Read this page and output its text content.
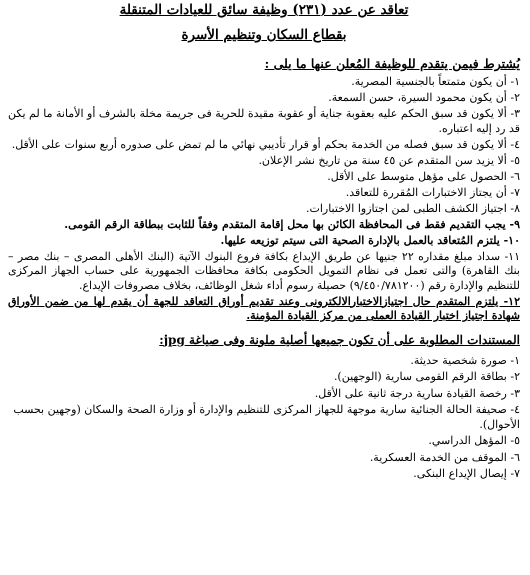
تعاقد عن عدد (٢٣١) وظيفة سائق للعيادات المتنقلة

بقطاع السكان وتنظيم الأسرة

يُشترط فيمن يتقدم للوظيفة المُعلن عنها ما يلى :

١- أن يكون متمتعاً بالجنسية المصرية.

٢- أن يكون محمود السيرة، حسن السمعة.

٣- ألا يكون قد سبق الحكم عليه بعقوبة جناية أو عقوبة مقيدة للحرية فى جريمة مخلة بالشرف أو الأمانة ما لم يكن قد رد إليه اعتباره.

٤- ألا يكون قد سبق فصله من الخدمة بحكم أو قرار تأديبي نهائي ما لم تمض على صدوره أربع سنوات على الأقل.

٥- ألا يزيد سن المتقدم عن ٤٥ سنة من تاريخ نشر الإعلان.

٦- الحصول على مؤهل متوسط على الأقل.

٧- أن يجتاز الاختبارات المُقررة للتعاقد.

٨- اجتياز الكشف الطبى لمن اجتازوا الاختبارات.

٩- يجب التقديم فقط فى المحافظة الكائن بها محل إقامة المتقدم وفقاً للثابت ببطاقة الرقم القومى.

١٠- يلتزم المُتعاقد بالعمل بالإدارة الصحية التى سيتم توزيعه عليها.

١١- سداد مبلغ مقداره ٢٢ جنيها عن طريق الإيداع بكافة فروع البنوك الآتية (البنك الأهلى المصرى – بنك مصر – بنك القاهرة) والتى تعمل فى نظام التمويل الحكومى بكافة محافظات الجمهورية على حساب الجهاز المركزى للتنظيم والإدارة رقم (٩/٤٥٠/٧٨١٢٠٠) حصيلة رسوم أداء شغل الوظائف، بخلاف مصروفات الإيداع.

١٢- يلتزم المتقدم حال اجتيازالاختبارالالكترونى وعند تقديم أوراق التعاقد للجهة أن يقدم لها من ضمن الأوراق شهادة اجتياز اختبار القيادة العملى من مركز القيادة المؤمنة.

المستندات المطلوبة على أن تكون جميعها أصلية ملونة وفى صياغة jpg:

١- صورة شخصية حديثة.

٢- بطاقة الرقم القومى سارية (الوجهين).

٣- رخصة القيادة سارية درجة ثانية على الأقل.

٤- صحيفة الحالة الجنائية سارية موجهة للجهاز المركزى للتنظيم والإدارة أو وزارة الصحة والسكان (وجهين بحسب الأحوال).

٥- المؤهل الدراسي.

٦- الموقف من الخدمة العسكرية.

٧- إيصال الإيداع البنكى.
